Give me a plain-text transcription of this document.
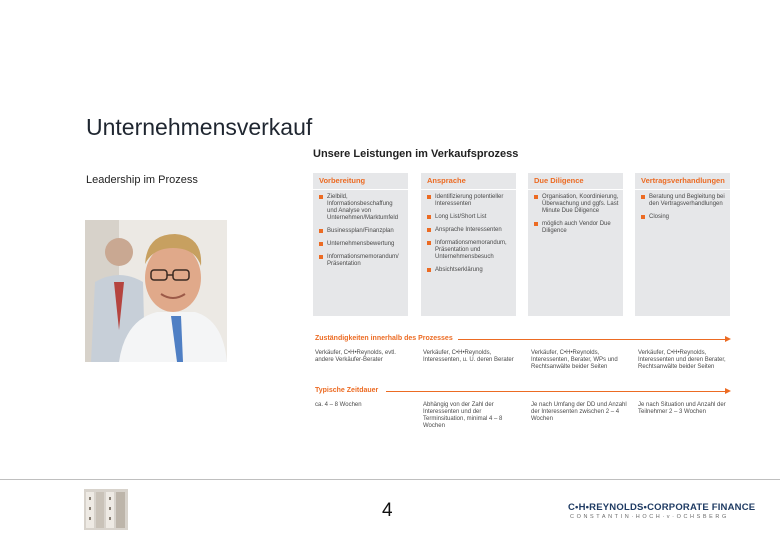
Unternehmensverkauf
Leadership im Prozess
Unsere Leistungen im Verkaufsprozess
Vorbereitung
Zielbild, Informationsbeschaffung und Analyse von Unternehmen/Marktumfeld
Businessplan/Finanzplan
Unternehmensbewertung
Informationsmemorandum/ Präsentation
Ansprache
Identifizierung potentieller Interessenten
Long List/Short List
Ansprache Interessenten
Informationsmemorandum, Präsentation und Unternehmensbesuch
Absichtserklärung
Due Diligence
Organisation, Koordinierung, Überwachung und ggfs. Last Minute Due Diligence
möglich auch Vendor Due Diligence
Vertragsverhandlungen
Beratung und Begleitung bei den Vertragsverhandlungen
Closing
Zuständigkeiten innerhalb des Prozesses
Verkäufer, C•H•Reynolds, evtl. andere Verkäufer-Berater
Verkäufer, C•H•Reynolds, Interessenten, u. U. deren Berater
Verkäufer, C•H•Reynolds, Interessenten, Berater, WPs und Rechtsanwälte beider Seiten
Verkäufer, C•H•Reynolds, Interessenten und deren Berater, Rechtsanwälte beider Seiten
Typische Zeitdauer
ca. 4 – 8 Wochen	Abhängig von der Zahl der Interessenten und der Terminsituation, minimal 4 – 8 Wochen
Je nach Umfang der DD und Anzahl der Interessenten zwischen 2 – 4 Wochen
Je nach Situation und Anzahl der Teilnehmer 2 – 3 Wochen
4	C•H•REYNOLDS•CORPORATE FINANCE
CONSTANTIN·HOCH·v·OCHSBERG
